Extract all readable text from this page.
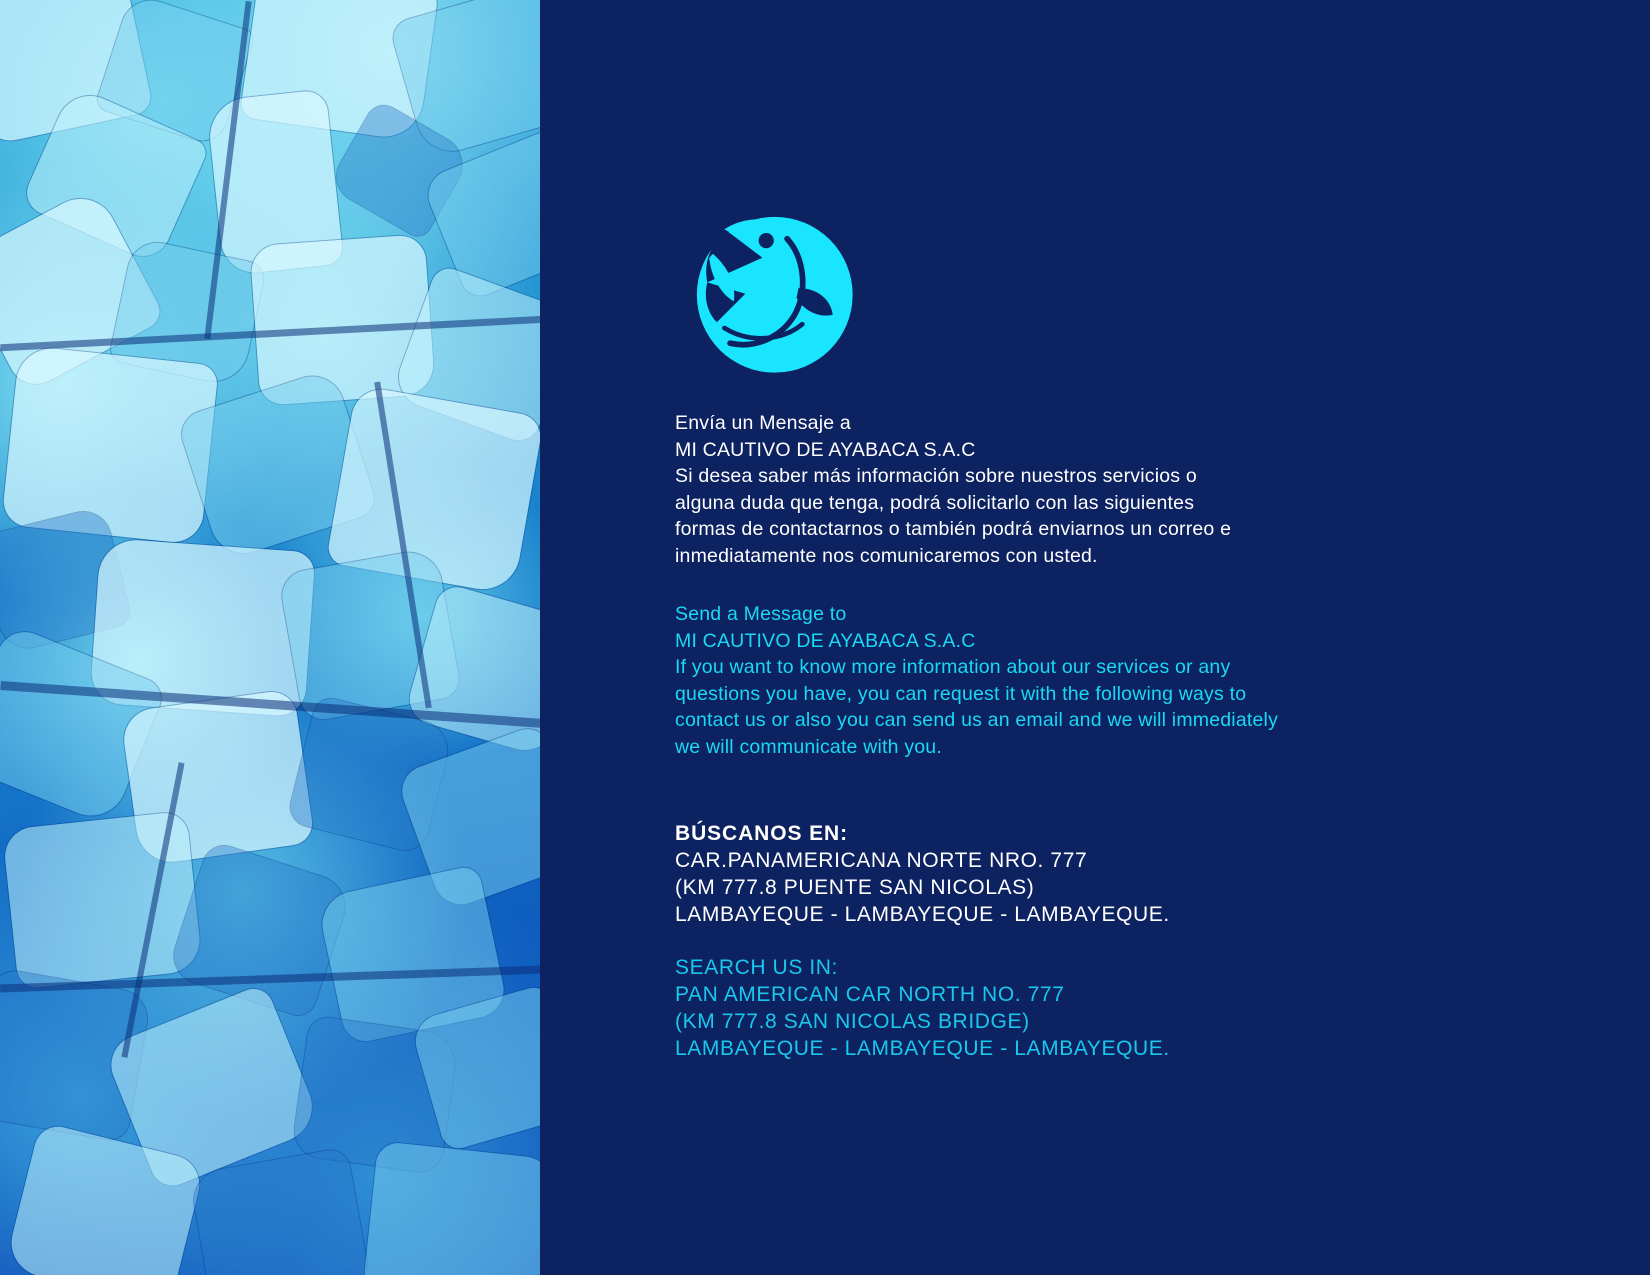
Envía un Mensaje a

MI CAUTIVO DE AYABACA S.A.C

Si desea saber más información sobre nuestros servicios o

alguna duda que tenga, podrá solicitarlo con las siguientes

formas de contactarnos o también podrá enviarnos un correo e

inmediatamente nos comunicaremos con usted.

Send a Message to

MI CAUTIVO DE AYABACA S.A.C

If you want to know more information about our services or any

questions you have, you can request it with the following ways to

contact us or also you can send us an email and we will immediately

we will communicate with you.

BÚSCANOS EN:

CAR.PANAMERICANA NORTE NRO. 777

(KM 777.8 PUENTE SAN NICOLAS)

LAMBAYEQUE - LAMBAYEQUE - LAMBAYEQUE.

SEARCH US IN:

PAN AMERICAN CAR NORTH NO. 777

(KM 777.8 SAN NICOLAS BRIDGE)

LAMBAYEQUE - LAMBAYEQUE - LAMBAYEQUE.
